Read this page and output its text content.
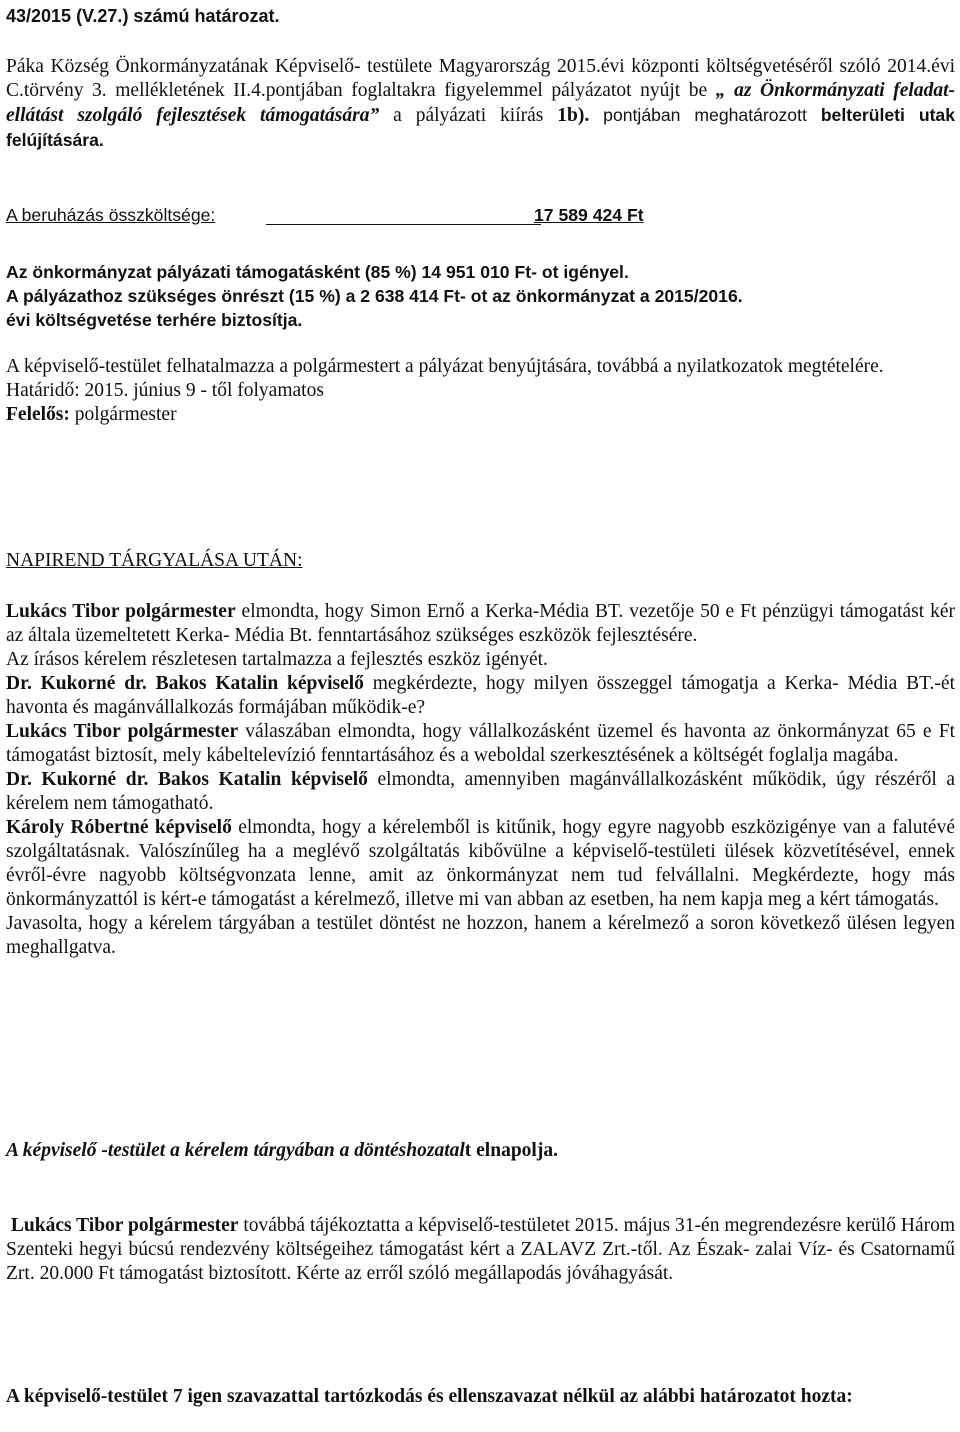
43/2015 (V.27.) számú határozat.

Páka Község Önkormányzatának Képviselő- testülete Magyarország 2015.évi központi költségvetéséről szóló 2014.évi C.törvény 3. mellékletének II.4.pontjában foglaltakra figyelemmel pályázatot nyújt be „ az Önkormányzati feladat-ellátást szolgáló fejlesztések támogatására” a pályázati kiírás 1b). pontjában meghatározott belterületi utak felújítására.

A beruházás összköltsége:	17 589 424 Ft

Az önkormányzat pályázati támogatásként (85 %) 14 951 010 Ft- ot igényel.

A pályázathoz szükséges önrészt (15 %) a 2 638 414 Ft- ot az önkormányzat a 2015/2016.

évi költségvetése terhére biztosítja.

A képviselő-testület felhatalmazza a polgármestert a pályázat benyújtására, továbbá a nyilatkozatok megtételére.

Határidő: 2015. június 9 - től folyamatos

Felelős: polgármester

NAPIREND TÁRGYALÁSA UTÁN:

Lukács Tibor polgármester elmondta, hogy Simon Ernő a Kerka-Média BT. vezetője 50 e Ft pénzügyi támogatást kér az általa üzemeltetett Kerka- Média Bt. fenntartásához szükséges eszközök fejlesztésére.

Az írásos kérelem részletesen tartalmazza a fejlesztés eszköz igényét.

Dr. Kukorné dr. Bakos Katalin képviselő megkérdezte, hogy milyen összeggel támogatja a Kerka- Média BT.-ét havonta és magánvállalkozás formájában működik-e?

Lukács Tibor polgármester válaszában elmondta, hogy vállalkozásként üzemel és havonta az önkormányzat 65 e Ft támogatást biztosít, mely kábeltelevízió fenntartásához és a weboldal szerkesztésének a költségét foglalja magába.

Dr. Kukorné dr. Bakos Katalin képviselő elmondta, amennyiben magánvállalkozásként működik, úgy részéről a kérelem nem támogatható.

Károly Róbertné képviselő elmondta, hogy a kérelemből is kitűnik, hogy egyre nagyobb eszközigénye van a falutévé szolgáltatásnak. Valószínűleg ha a meglévő szolgáltatás kibővülne a képviselő-testületi ülések közvetítésével, ennek évről-évre nagyobb költségvonzata lenne, amit az önkormányzat nem tud felvállalni. Megkérdezte, hogy más önkormányzattól is kért-e támogatást a kérelmező, illetve mi van abban az esetben, ha nem kapja meg a kért támogatás.

Javasolta, hogy a kérelem tárgyában a testület döntést ne hozzon, hanem a kérelmező a soron következő ülésen legyen meghallgatva.

A képviselő -testület a kérelem tárgyában a döntéshozatalt elnapolja.

Lukács Tibor polgármester továbbá tájékoztatta a képviselő-testületet 2015. május 31-én megrendezésre kerülő Három Szenteki hegyi búcsú rendezvény költségeihez támogatást kért a ZALAVZ Zrt.-től. Az Észak- zalai Víz- és Csatornamű Zrt. 20.000 Ft támogatást biztosított. Kérte az erről szóló megállapodás jóváhagyását.

A képviselő-testület 7 igen szavazattal tartózkodás és ellenszavazat nélkül az alábbi határozatot hozta:
